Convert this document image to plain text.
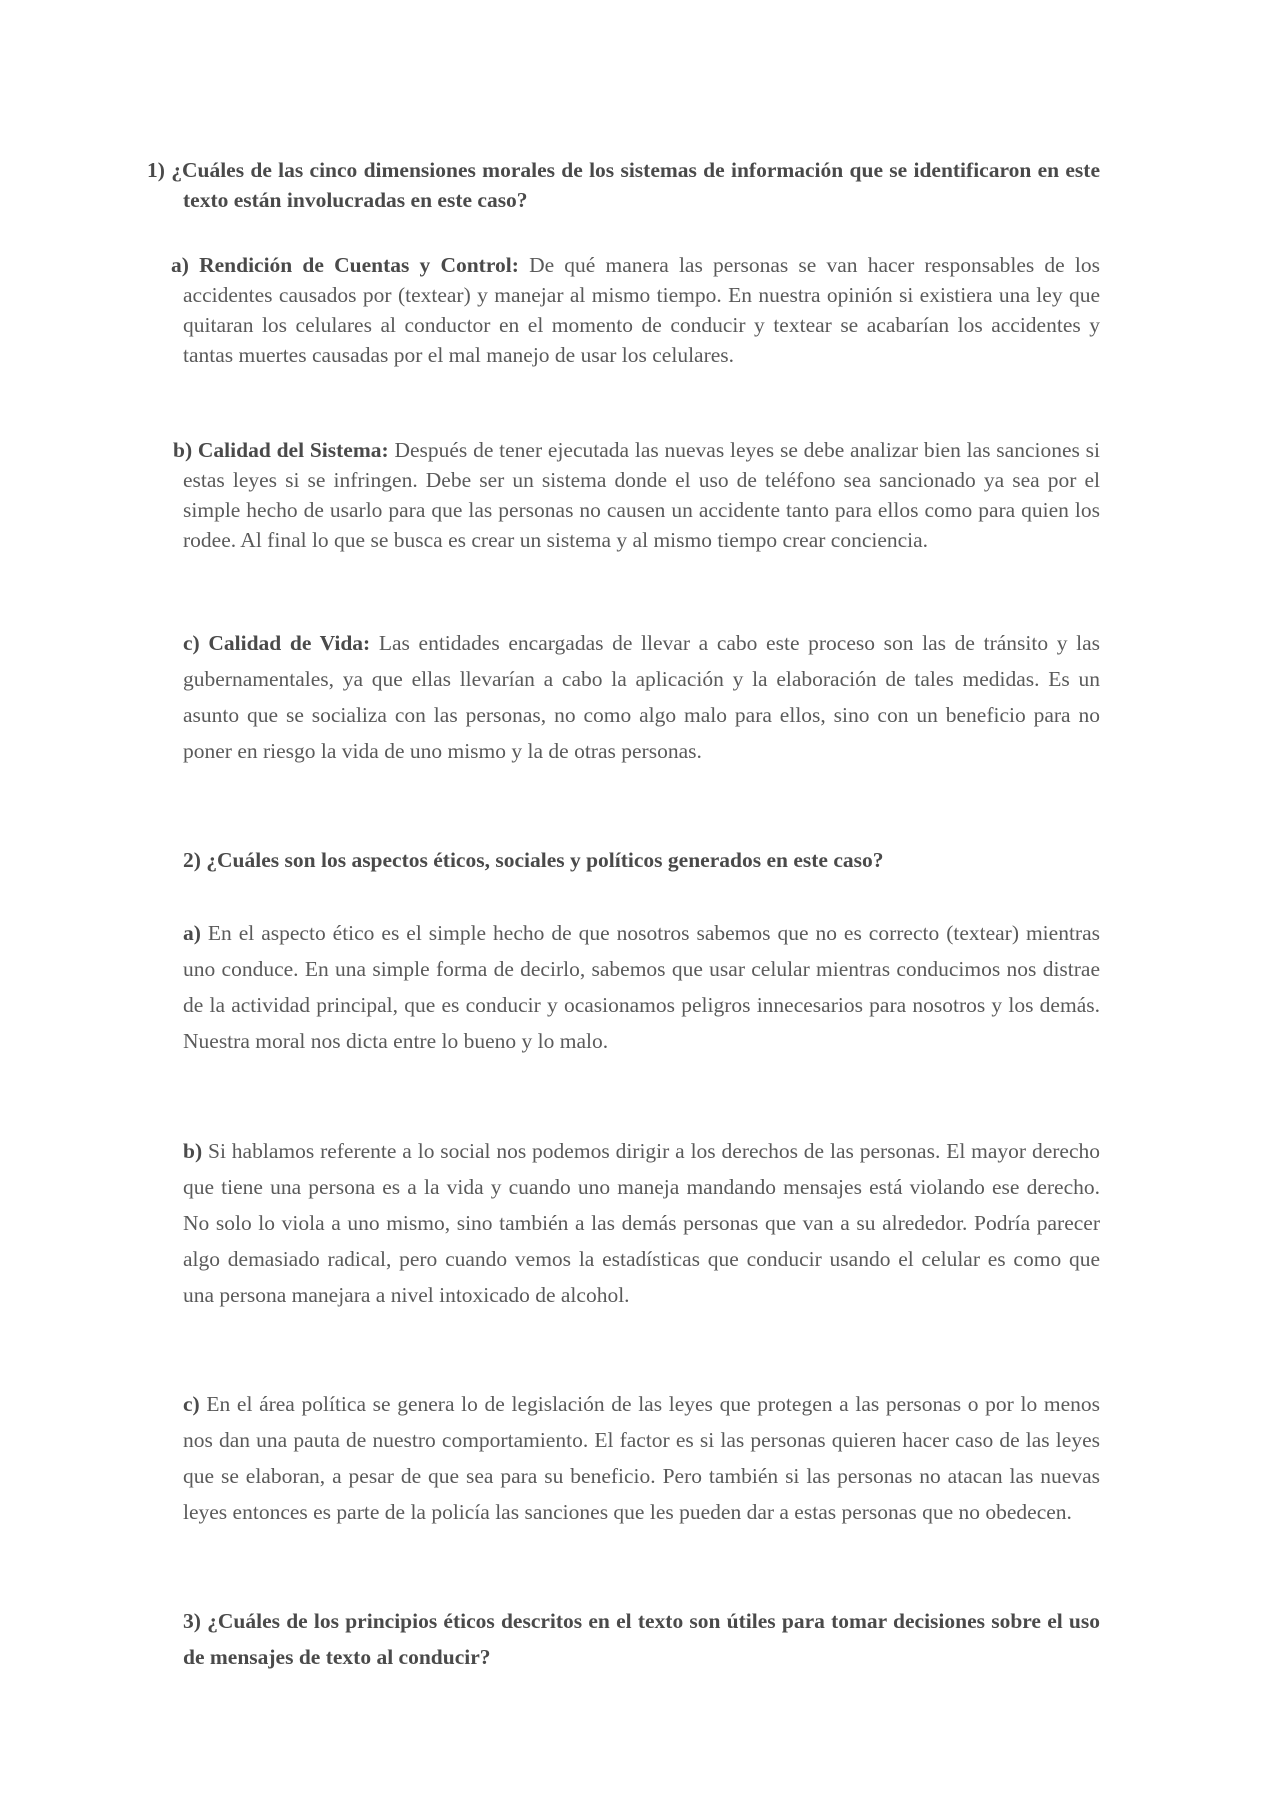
1) ¿Cuáles de las cinco dimensiones morales de los sistemas de información que se identificaron en este texto están involucradas en este caso?
a) Rendición de Cuentas y Control: De qué manera las personas se van hacer responsables de los accidentes causados por (textear) y manejar al mismo tiempo. En nuestra opinión si existiera una ley que quitaran los celulares al conductor en el momento de conducir y textear se acabarían los accidentes y tantas muertes causadas por el mal manejo de usar los celulares.
b) Calidad del Sistema: Después de tener ejecutada las nuevas leyes se debe analizar bien las sanciones si estas leyes si se infringen. Debe ser un sistema donde el uso de teléfono sea sancionado ya sea por el simple hecho de usarlo para que las personas no causen un accidente tanto para ellos como para quien los rodee. Al final lo que se busca es crear un sistema y al mismo tiempo crear conciencia.
c) Calidad de Vida: Las entidades encargadas de llevar a cabo este proceso son las de tránsito y las gubernamentales, ya que ellas llevarían a cabo la aplicación y la elaboración de tales medidas. Es un asunto que se socializa con las personas, no como algo malo para ellos, sino con un beneficio para no poner en riesgo la vida de uno mismo y la de otras personas.
2) ¿Cuáles son los aspectos éticos, sociales y políticos generados en este caso?
a) En el aspecto ético es el simple hecho de que nosotros sabemos que no es correcto (textear) mientras uno conduce. En una simple forma de decirlo, sabemos que usar celular mientras conducimos nos distrae de la actividad principal, que es conducir y ocasionamos peligros innecesarios para nosotros y los demás. Nuestra moral nos dicta entre lo bueno y lo malo.
b) Si hablamos referente a lo social nos podemos dirigir a los derechos de las personas. El mayor derecho que tiene una persona es a la vida y cuando uno maneja mandando mensajes está violando ese derecho. No solo lo viola a uno mismo, sino también a las demás personas que van a su alrededor. Podría parecer algo demasiado radical, pero cuando vemos la estadísticas que conducir usando el celular es como que una persona manejara a nivel intoxicado de alcohol.
c) En el área política se genera lo de legislación de las leyes que protegen a las personas o por lo menos nos dan una pauta de nuestro comportamiento. El factor es si las personas quieren hacer caso de las leyes que se elaboran, a pesar de que sea para su beneficio. Pero también si las personas no atacan las nuevas leyes entonces es parte de la policía las sanciones que les pueden dar a estas personas que no obedecen.
3) ¿Cuáles de los principios éticos descritos en el texto son útiles para tomar decisiones sobre el uso de mensajes de texto al conducir?
